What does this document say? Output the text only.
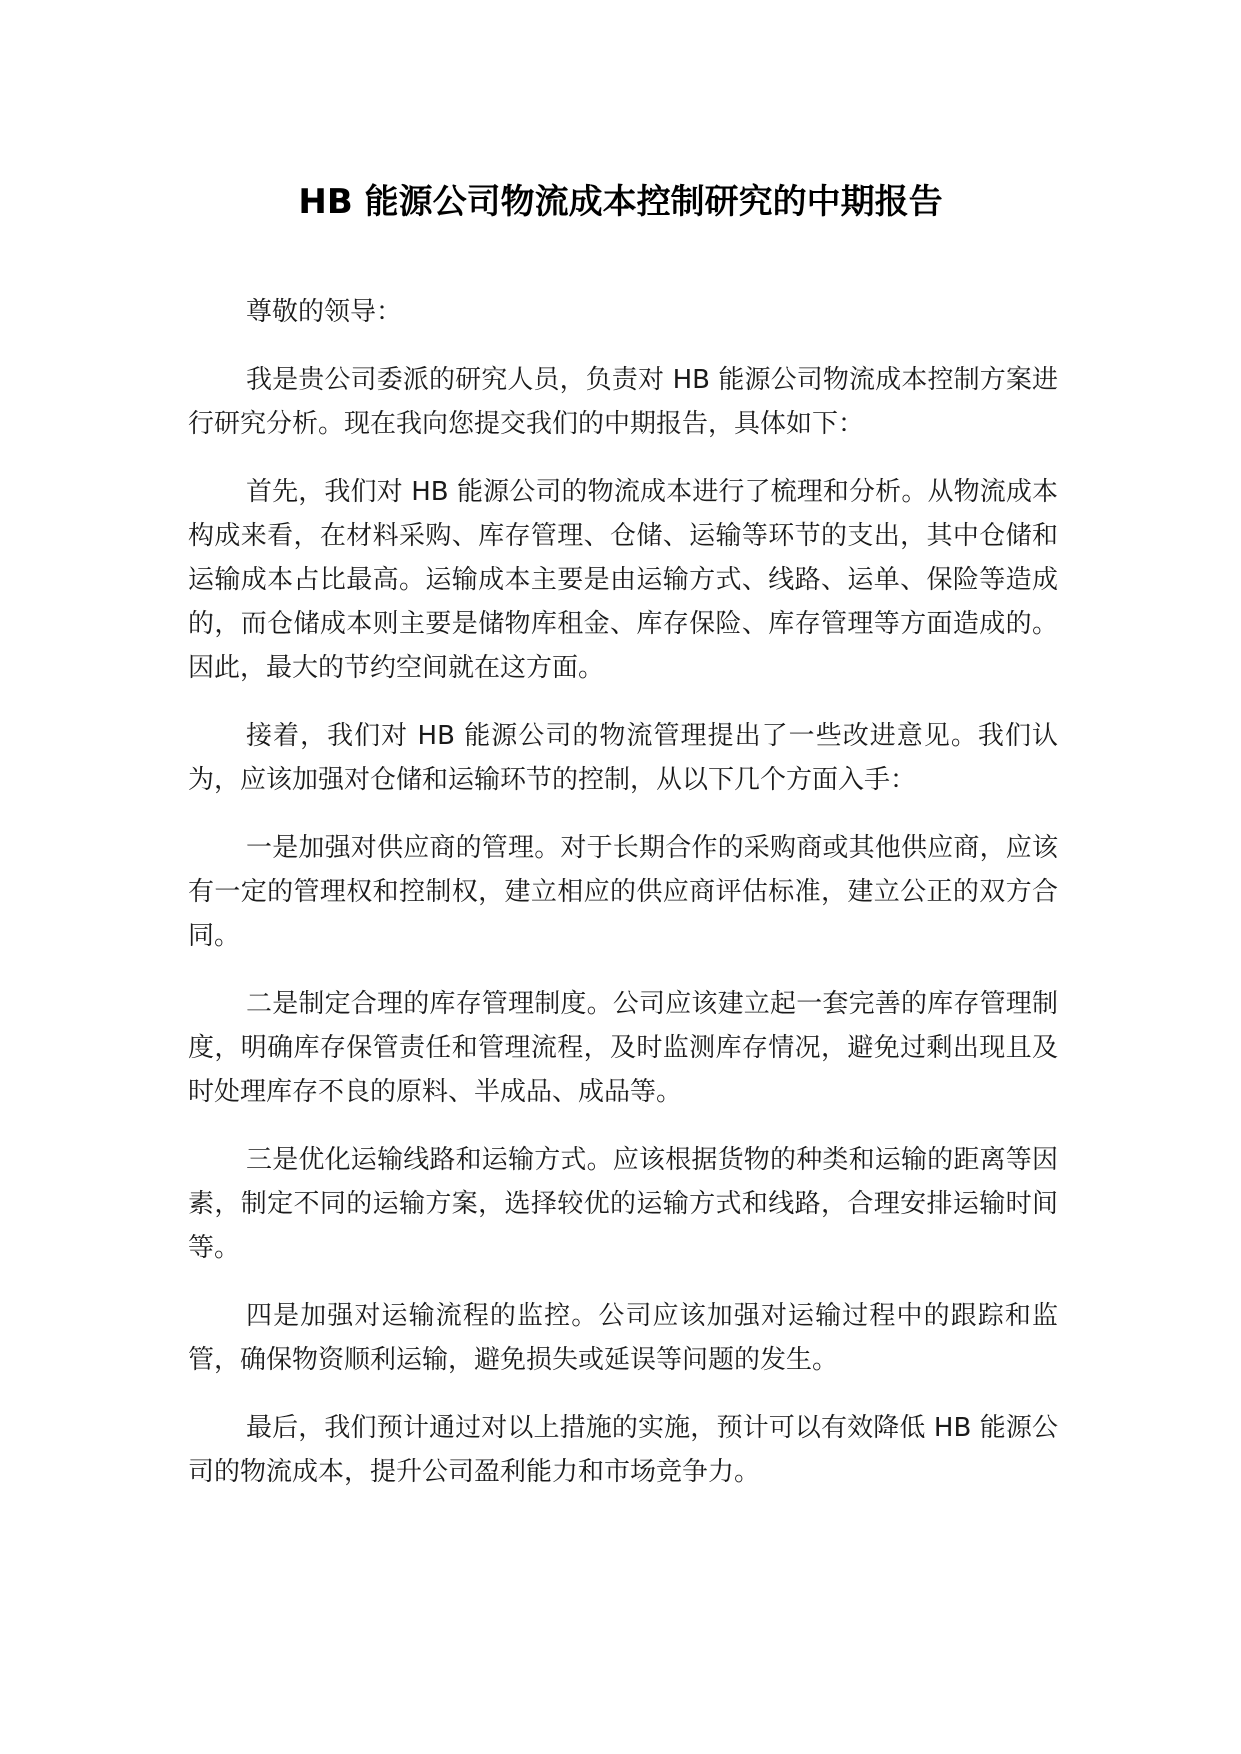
HB 能源公司物流成本控制研究的中期报告

尊敬的领导：

我是贵公司委派的研究人员，负责对 HB 能源公司物流成本控制方案进行研究分析。现在我向您提交我们的中期报告，具体如下：

首先，我们对 HB 能源公司的物流成本进行了梳理和分析。从物流成本构成来看，在材料采购、库存管理、仓储、运输等环节的支出，其中仓储和运输成本占比最高。运输成本主要是由运输方式、线路、运单、保险等造成的，而仓储成本则主要是储物库租金、库存保险、库存管理等方面造成的。因此，最大的节约空间就在这方面。

接着，我们对 HB 能源公司的物流管理提出了一些改进意见。我们认为，应该加强对仓储和运输环节的控制，从以下几个方面入手：

一是加强对供应商的管理。对于长期合作的采购商或其他供应商，应该有一定的管理权和控制权，建立相应的供应商评估标准，建立公正的双方合同。

二是制定合理的库存管理制度。公司应该建立起一套完善的库存管理制度，明确库存保管责任和管理流程，及时监测库存情况，避免过剩出现且及时处理库存不良的原料、半成品、成品等。

三是优化运输线路和运输方式。应该根据货物的种类和运输的距离等因素，制定不同的运输方案，选择较优的运输方式和线路，合理安排运输时间等。

四是加强对运输流程的监控。公司应该加强对运输过程中的跟踪和监管，确保物资顺利运输，避免损失或延误等问题的发生。

最后，我们预计通过对以上措施的实施，预计可以有效降低 HB 能源公司的物流成本，提升公司盈利能力和市场竞争力。
